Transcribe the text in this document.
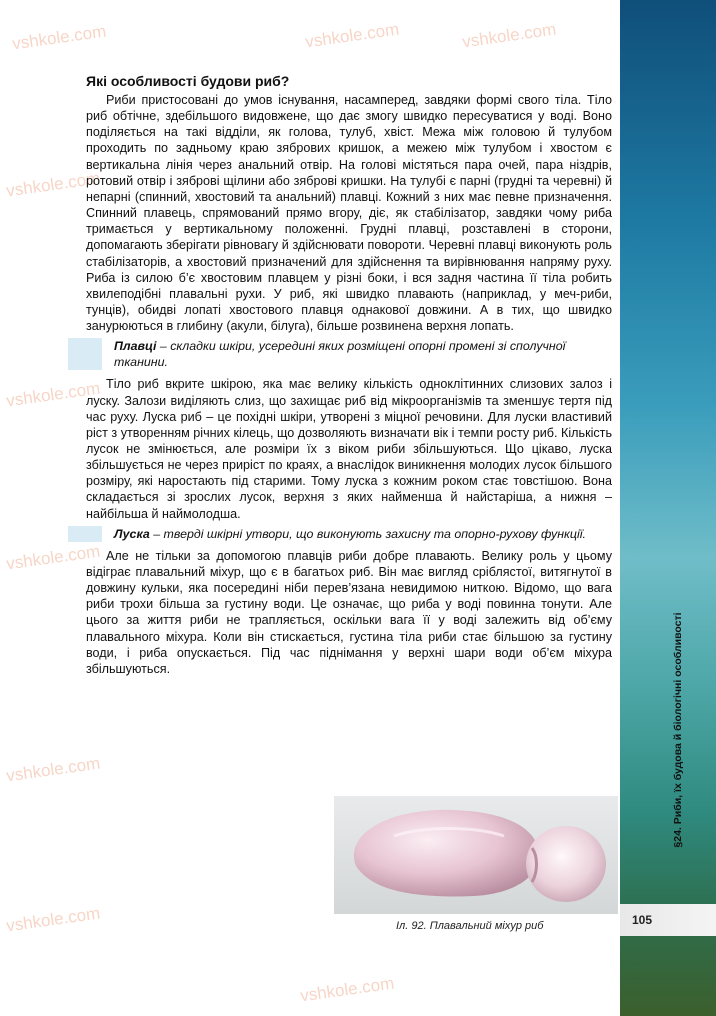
vshkole.com	vshkole.com	vshkole.com
vshkole.com
vshkole.com
vshkole.com
vshkole.com
vshkole.com
vshkole.com
Які особливості будови риб?

Риби пристосовані до умов існування, насамперед, завдяки формі свого тіла. Тіло риб обтічне, здебільшого видовжене, що дає змогу швидко пересуватися у воді. Воно поділяється на такі відділи, як голова, тулуб, хвіст. Межа між головою й тулубом проходить по задньому краю зябрових кришок, а межею між тулубом і хвостом є вертикальна лінія через анальний отвір. На голові містяться пара очей, пара ніздрів, ротовий отвір і зяброві щілини або зяброві кришки. На тулубі є парні (грудні та черевні) й непарні (спинний, хвостовий та анальний) плавці. Кожний з них має певне призначення. Спинний плавець, спрямований прямо вгору, діє, як стабілізатор, завдяки чому риба тримається у вертикальному положенні. Грудні плавці, розставлені в сторони, допомагають зберігати рівновагу й здійснювати повороти. Черевні плавці виконують роль стабілізаторів, а хвостовий призначений для здійснення та вирівнювання напряму руху. Риба із силою б’є хвостовим плавцем у різні боки, і вся задня частина її тіла робить хвилеподібні плавальні рухи. У риб, які швидко плавають (наприклад, у меч-риби, тунців), обидві лопаті хвостового плавця однакової довжини. А в тих, що швидко занурюються в глибину (акули, білуга), більше розвинена верхня лопать.

Плавці – складки шкіри, усередині яких розміщені опорні промені зі сполучної тканини.

Тіло риб вкрите шкірою, яка має велику кількість одноклітинних слизових залоз і луску. Залози виділяють слиз, що захищає риб від мікроорганізмів та зменшує тертя під час руху. Луска риб – це похідні шкіри, утворені з міцної речовини. Для луски властивий ріст з утворенням річних кілець, що дозволяють визначати вік і темпи росту риб. Кількість лусок не змінюється, але розміри їх з віком риби збільшуються. Що цікаво, луска збільшується не через приріст по краях, а внаслідок виникнення молодих лусок більшого розміру, які наростають під старими. Тому луска з кожним роком стає товстішою. Вона складається зі зрослих лусок, верхня з яких найменша й найстаріша, а нижня – найбільша й наймолодша.

Луска – тверді шкірні утвори, що виконують захисну та опорно-рухову функції.

Але не тільки за допомогою плавців риби добре плавають. Велику роль у цьому відіграє плавальний міхур, що є в багатьох риб. Він має вигляд сріблястої, витягнутої в довжину кульки, яка посередині ніби перев’язана невидимою ниткою. Відомо, що вага риби трохи більша за густину води. Це означає, що риба у воді повинна тонути. Але цього за життя риби не трапляється, оскільки вага її у воді залежить від об’єму плавального міхура. Коли він стискається, густина тіла риби стає більшою за густину води, і риба опускається. Під час піднімання у верхні шари води об’єм міхура збільшуються.

Іл. 92. Плавальний міхур риб
§24. Риби, їх будова й біологічні особливості
105
